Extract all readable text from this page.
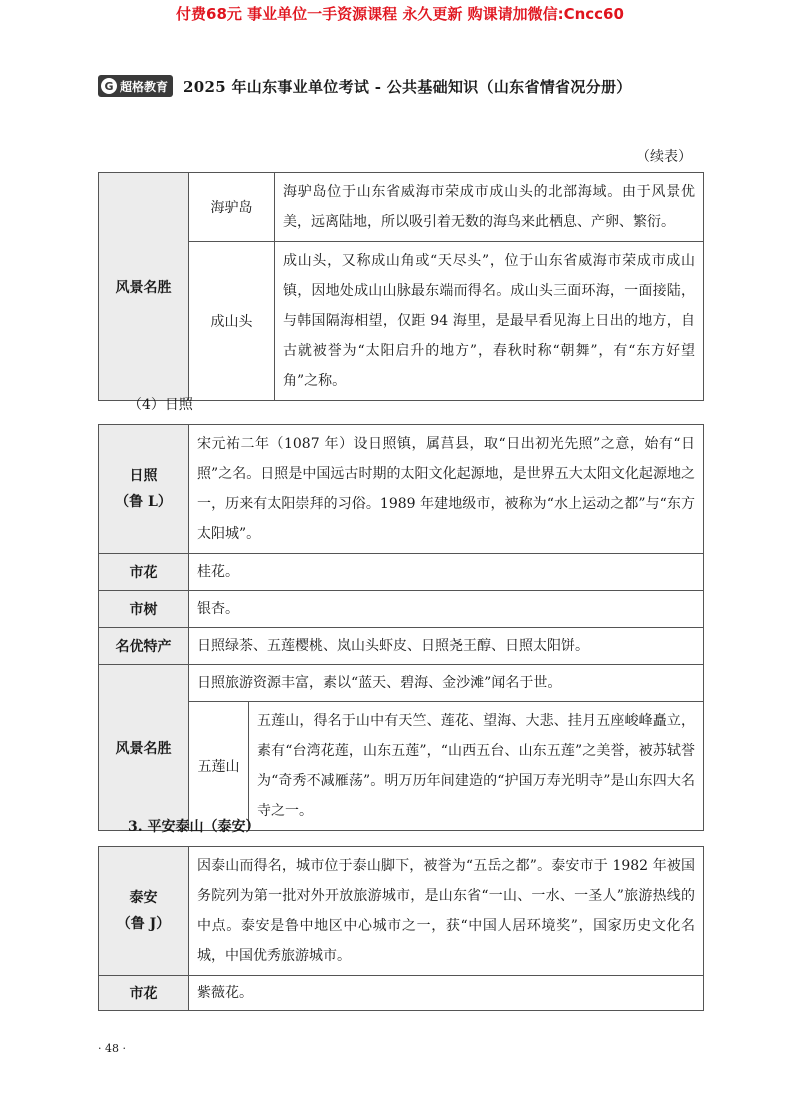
付费68元 事业单位一手资源课程 永久更新 购课请加微信:Cncc60
G 超格教育 2025 年山东事业单位考试 - 公共基础知识（山东省情省况分册）
（续表）
风景名胜	海驴岛	海驴岛位于山东省威海市荣成市成山头的北部海域。由于风景优美，远离陆地，所以吸引着无数的海鸟来此栖息、产卵、繁衍。
	成山头	成山头，又称成山角或“天尽头”，位于山东省威海市荣成市成山镇，因地处成山山脉最东端而得名。成山头三面环海，一面接陆，与韩国隔海相望，仅距 94 海里，是最早看见海上日出的地方，自古就被誉为“太阳启升的地方”，春秋时称“朝舞”，有“东方好望角”之称。
（4）日照
日照
（鲁 L）	宋元祐二年（1087 年）设日照镇，属莒县，取“日出初光先照”之意，始有“日照”之名。日照是中国远古时期的太阳文化起源地，是世界五大太阳文化起源地之一，历来有太阳崇拜的习俗。1989 年建地级市，被称为“水上运动之都”与“东方太阳城”。	
市花	桂花。	
市树	银杏。	
名优特产	日照绿茶、五莲樱桃、岚山头虾皮、日照尧王醇、日照太阳饼。	
风景名胜	日照旅游资源丰富，素以“蓝天、碧海、金沙滩”闻名于世。	
	五莲山	五莲山，得名于山中有天竺、莲花、望海、大悲、挂月五座峻峰矗立，素有“台湾花莲，山东五莲”，“山西五台、山东五莲”之美誉，被苏轼誉为“奇秀不减雁荡”。明万历年间建造的“护国万寿光明寺”是山东四大名寺之一。
3. 平安泰山（泰安）
泰安
（鲁 J）	因泰山而得名，城市位于泰山脚下，被誉为“五岳之都”。泰安市于 1982 年被国务院列为第一批对外开放旅游城市，是山东省“一山、一水、一圣人”旅游热线的中点。泰安是鲁中地区中心城市之一，获“中国人居环境奖”，国家历史文化名城，中国优秀旅游城市。
市花	紫薇花。
· 48 ·
